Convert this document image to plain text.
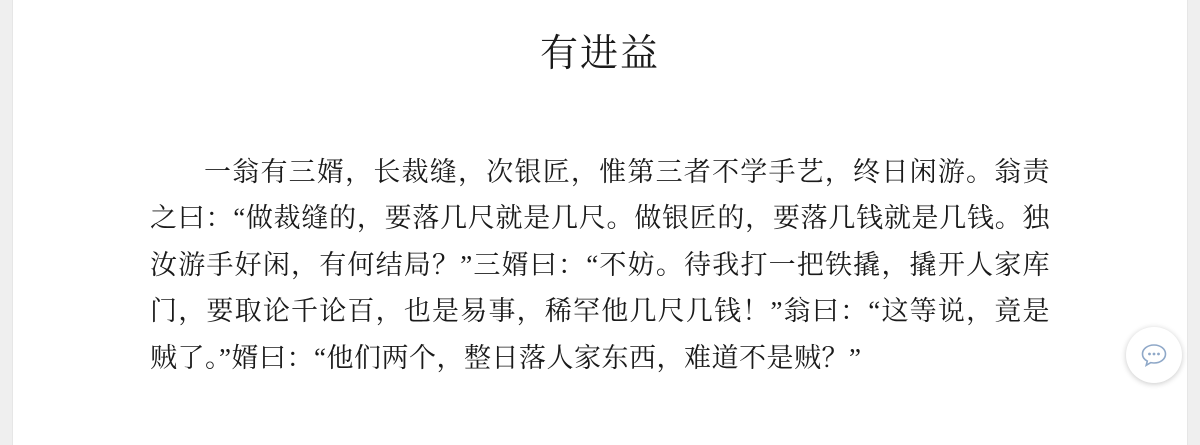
有进益

一翁有三婿，长裁缝，次银匠，惟第三者不学手艺，终日闲游。翁责之曰：“做裁缝的，要落几尺就是几尺。做银匠的，要落几钱就是几钱。独汝游手好闲，有何结局？”三婿曰：“不妨。待我打一把铁撬，撬开人家库门，要取论千论百，也是易事，稀罕他几尺几钱！”翁曰：“这等说，竟是贼了。”婿曰：“他们两个，整日落人家东西，难道不是贼？”
